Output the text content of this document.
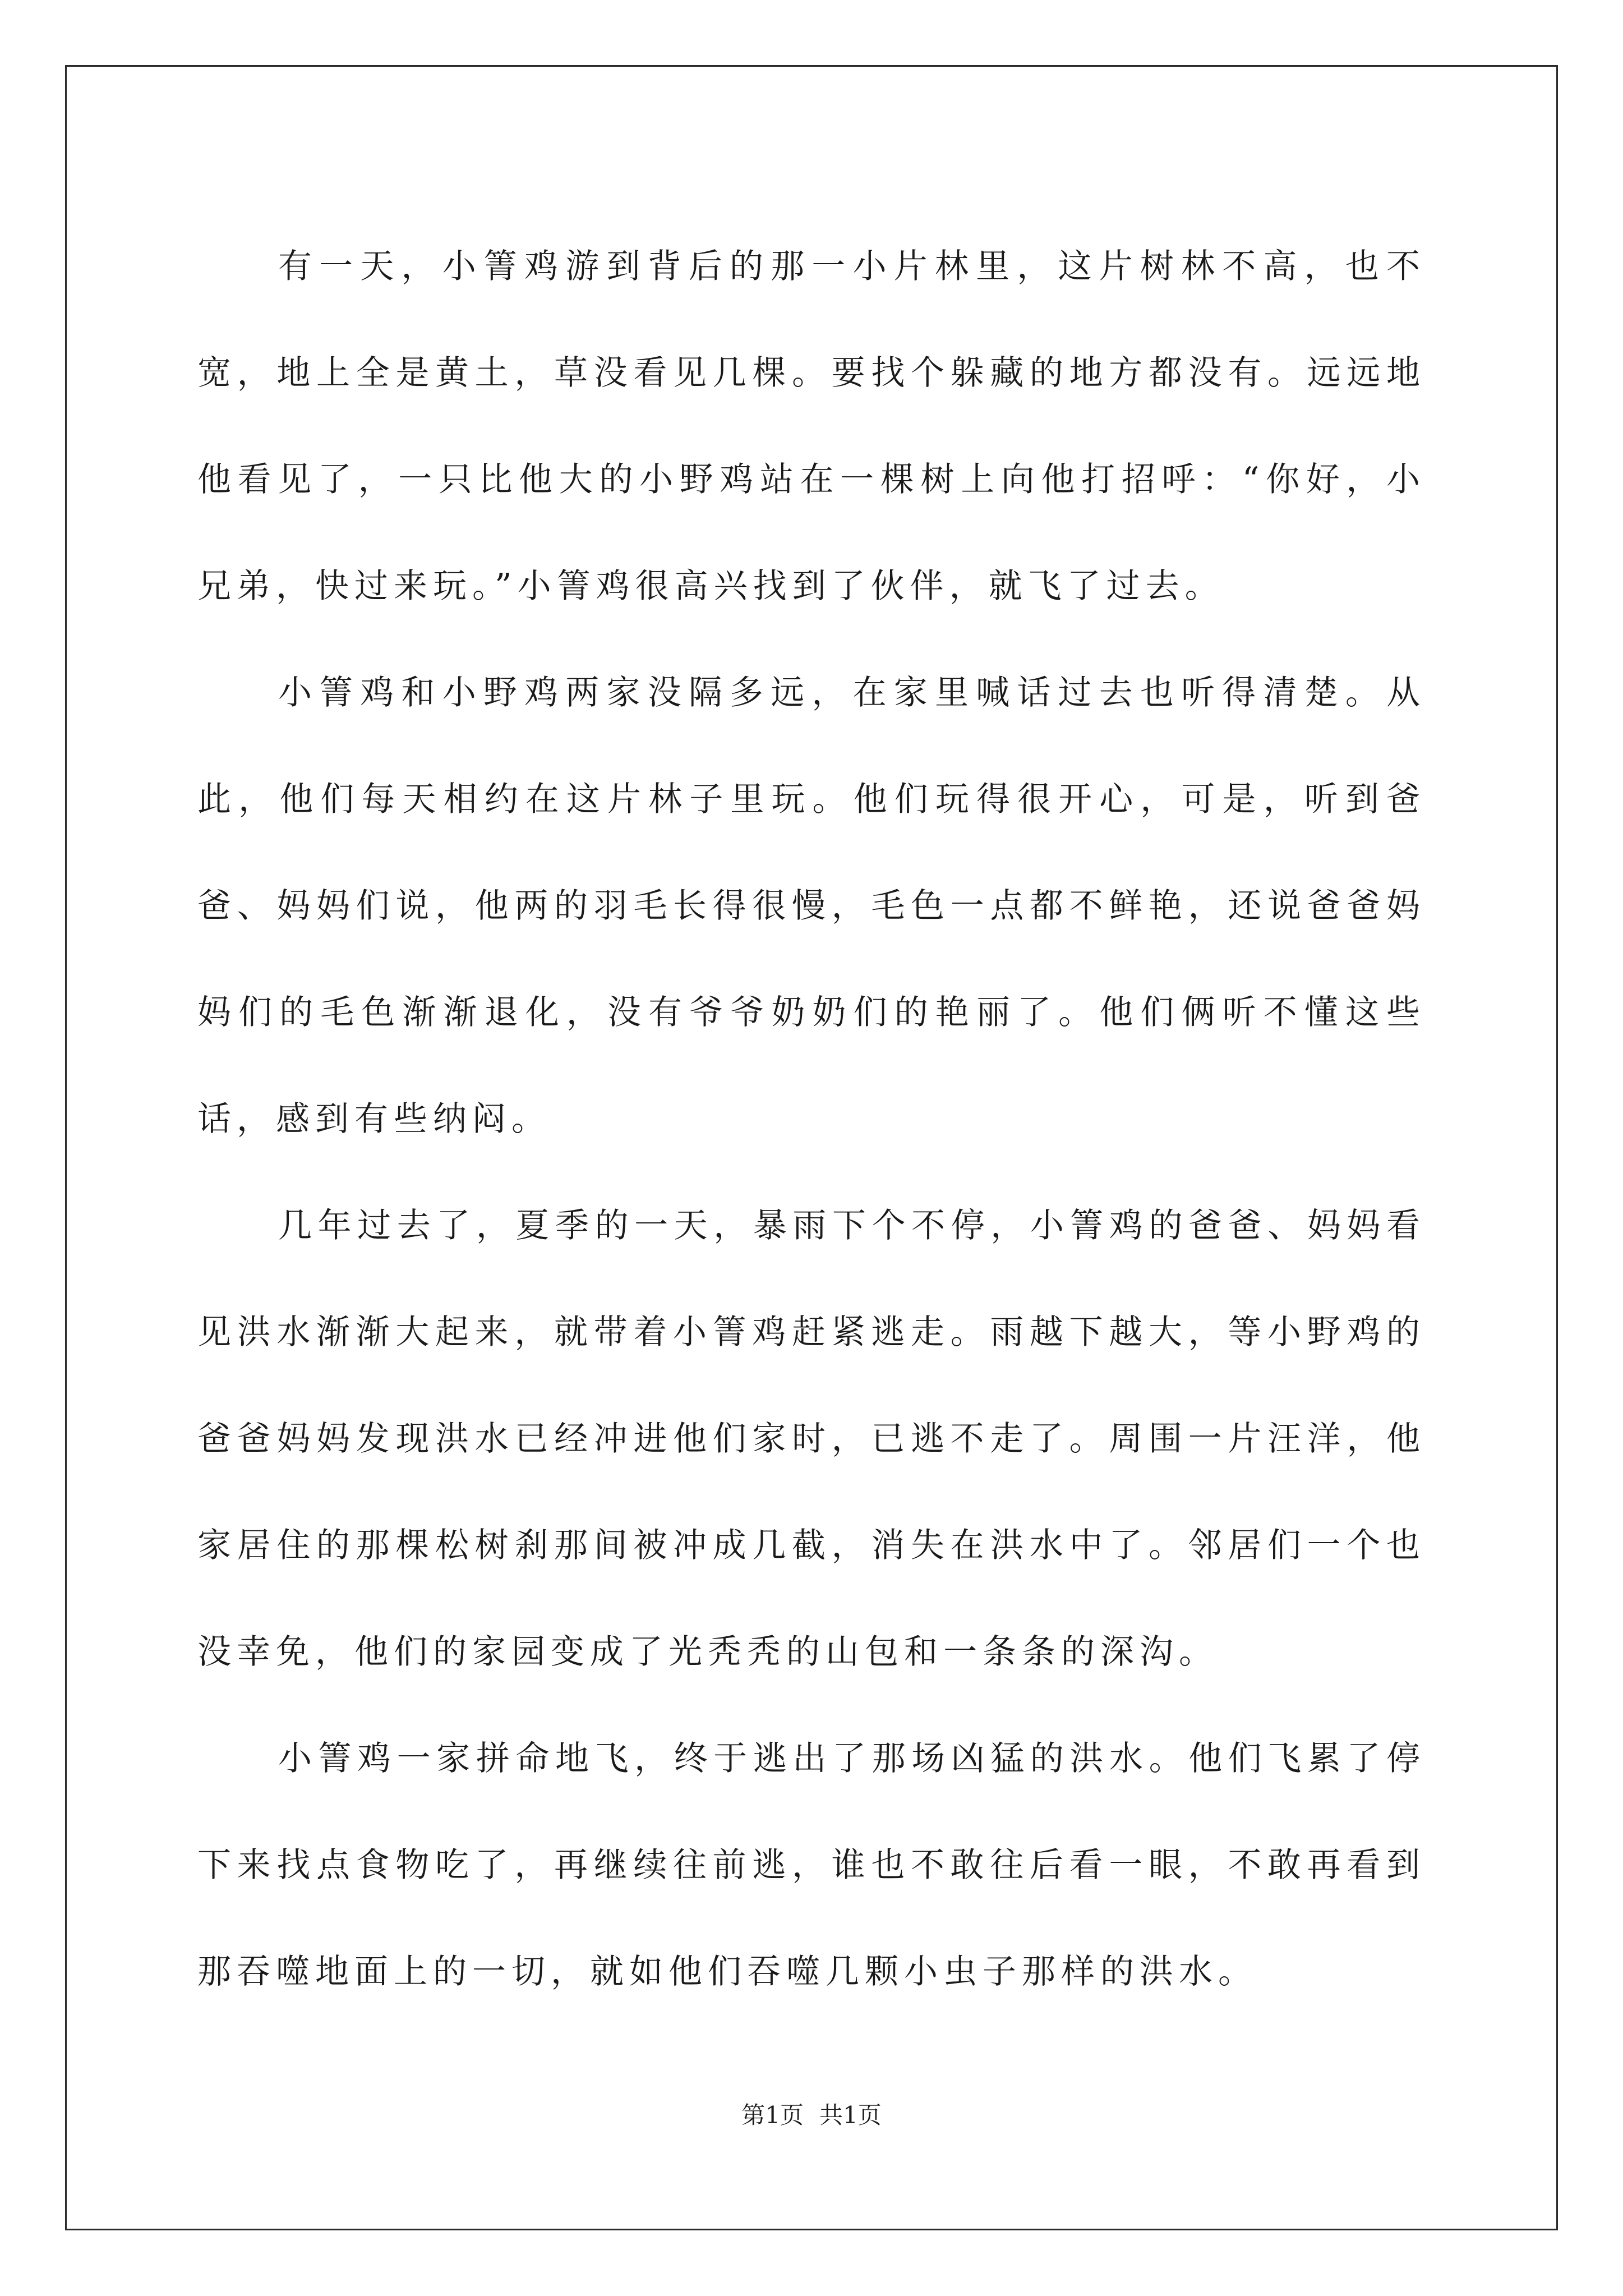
有一天，小箐鸡游到背后的那一小片林里，这片树林不高，也不宽，地上全是黄土，草没看见几棵。要找个躲藏的地方都没有。远远地他看见了，一只比他大的小野鸡站在一棵树上向他打招呼：“你好，小兄弟，快过来玩。”小箐鸡很高兴找到了伙伴，就飞了过去。

小箐鸡和小野鸡两家没隔多远，在家里喊话过去也听得清楚。从此，他们每天相约在这片林子里玩。他们玩得很开心，可是，听到爸爸、妈妈们说，他两的羽毛长得很慢，毛色一点都不鲜艳，还说爸爸妈妈们的毛色渐渐退化，没有爷爷奶奶们的艳丽了。他们俩听不懂这些话，感到有些纳闷。

几年过去了，夏季的一天，暴雨下个不停，小箐鸡的爸爸、妈妈看见洪水渐渐大起来，就带着小箐鸡赶紧逃走。雨越下越大，等小野鸡的爸爸妈妈发现洪水已经冲进他们家时，已逃不走了。周围一片汪洋，他家居住的那棵松树刹那间被冲成几截，消失在洪水中了。邻居们一个也没幸免，他们的家园变成了光秃秃的山包和一条条的深沟。

小箐鸡一家拼命地飞，终于逃出了那场凶猛的洪水。他们飞累了停下来找点食物吃了，再继续往前逃，谁也不敢往后看一眼，不敢再看到那吞噬地面上的一切，就如他们吞噬几颗小虫子那样的洪水。

第1页 共1页
